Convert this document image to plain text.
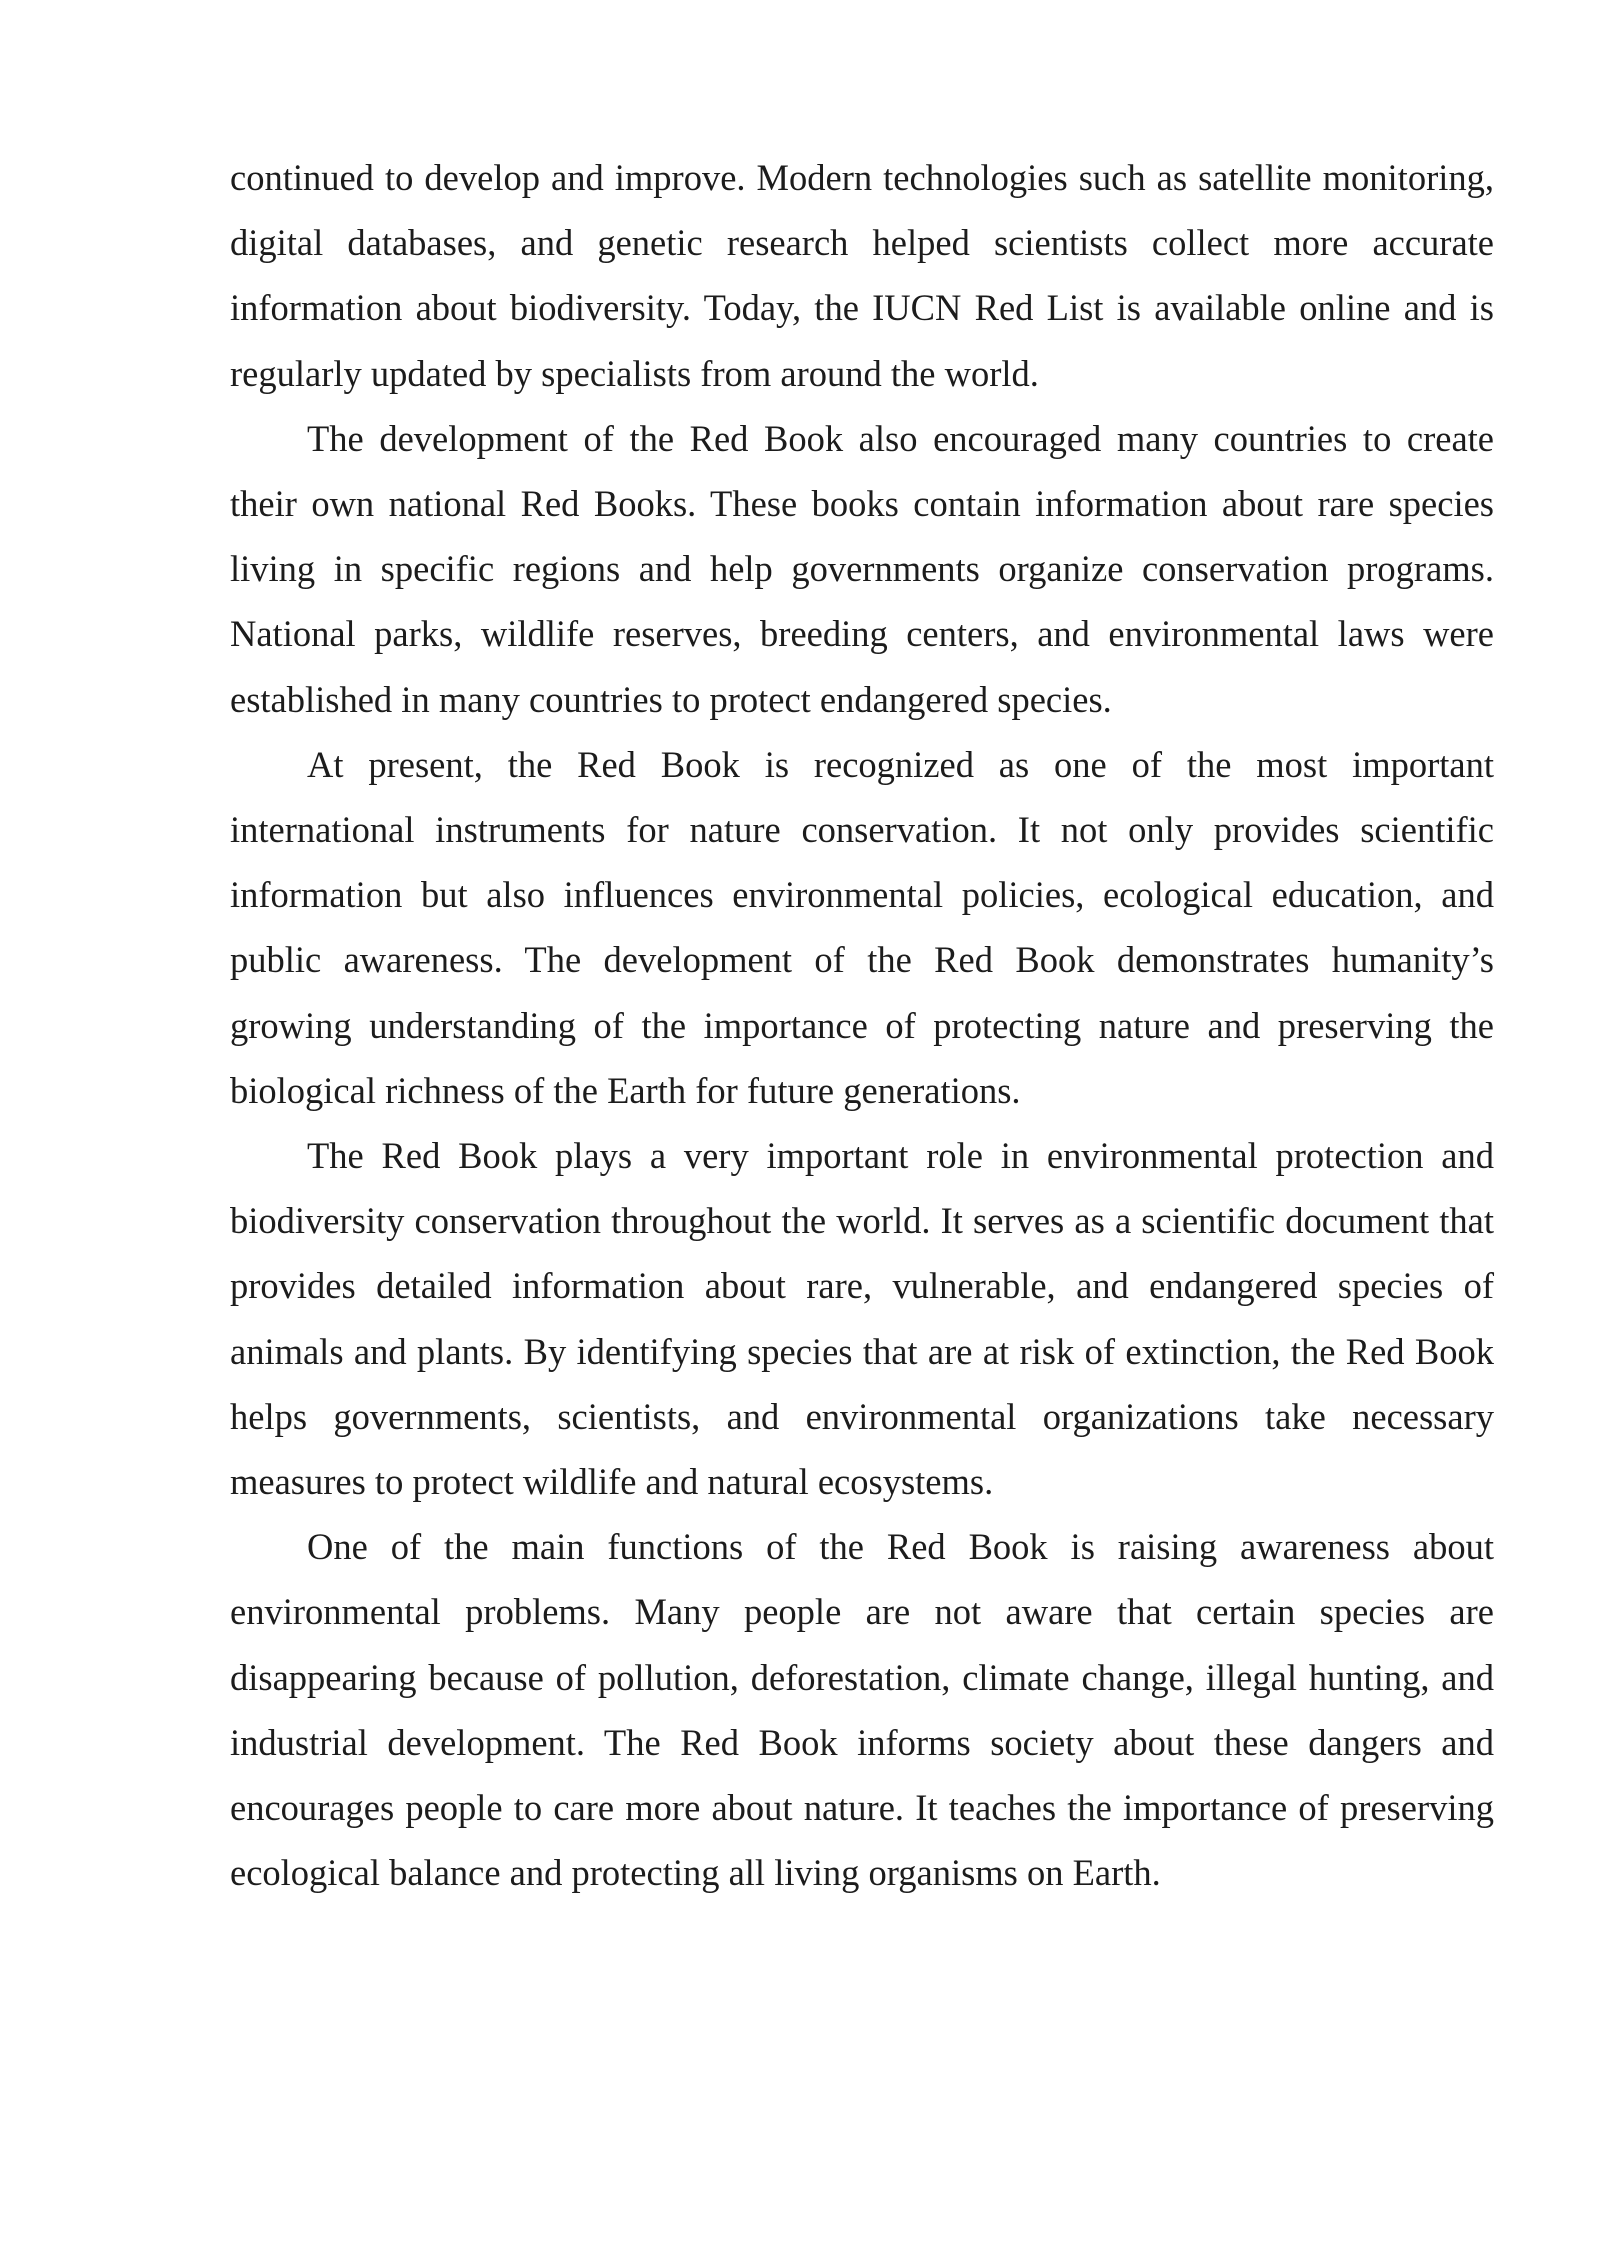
continued to develop and improve. Modern technologies such as satellite monitoring, digital databases, and genetic research helped scientists collect more accurate information about biodiversity. Today, the IUCN Red List is available online and is regularly updated by specialists from around the world.

The development of the Red Book also encouraged many countries to create their own national Red Books. These books contain information about rare species living in specific regions and help governments organize conservation programs. National parks, wildlife reserves, breeding centers, and environmental laws were established in many countries to protect endangered species.

At present, the Red Book is recognized as one of the most important international instruments for nature conservation. It not only provides scientific information but also influences environmental policies, ecological education, and public awareness. The development of the Red Book demonstrates humanity’s growing understanding of the importance of protecting nature and preserving the biological richness of the Earth for future generations.

The Red Book plays a very important role in environmental protection and biodiversity conservation throughout the world. It serves as a scientific document that provides detailed information about rare, vulnerable, and endangered species of animals and plants. By identifying species that are at risk of extinction, the Red Book helps governments, scientists, and environmental organizations take necessary measures to protect wildlife and natural ecosystems.

One of the main functions of the Red Book is raising awareness about environmental problems. Many people are not aware that certain species are disappearing because of pollution, deforestation, climate change, illegal hunting, and industrial development. The Red Book informs society about these dangers and encourages people to care more about nature. It teaches the importance of preserving ecological balance and protecting all living organisms on Earth.
